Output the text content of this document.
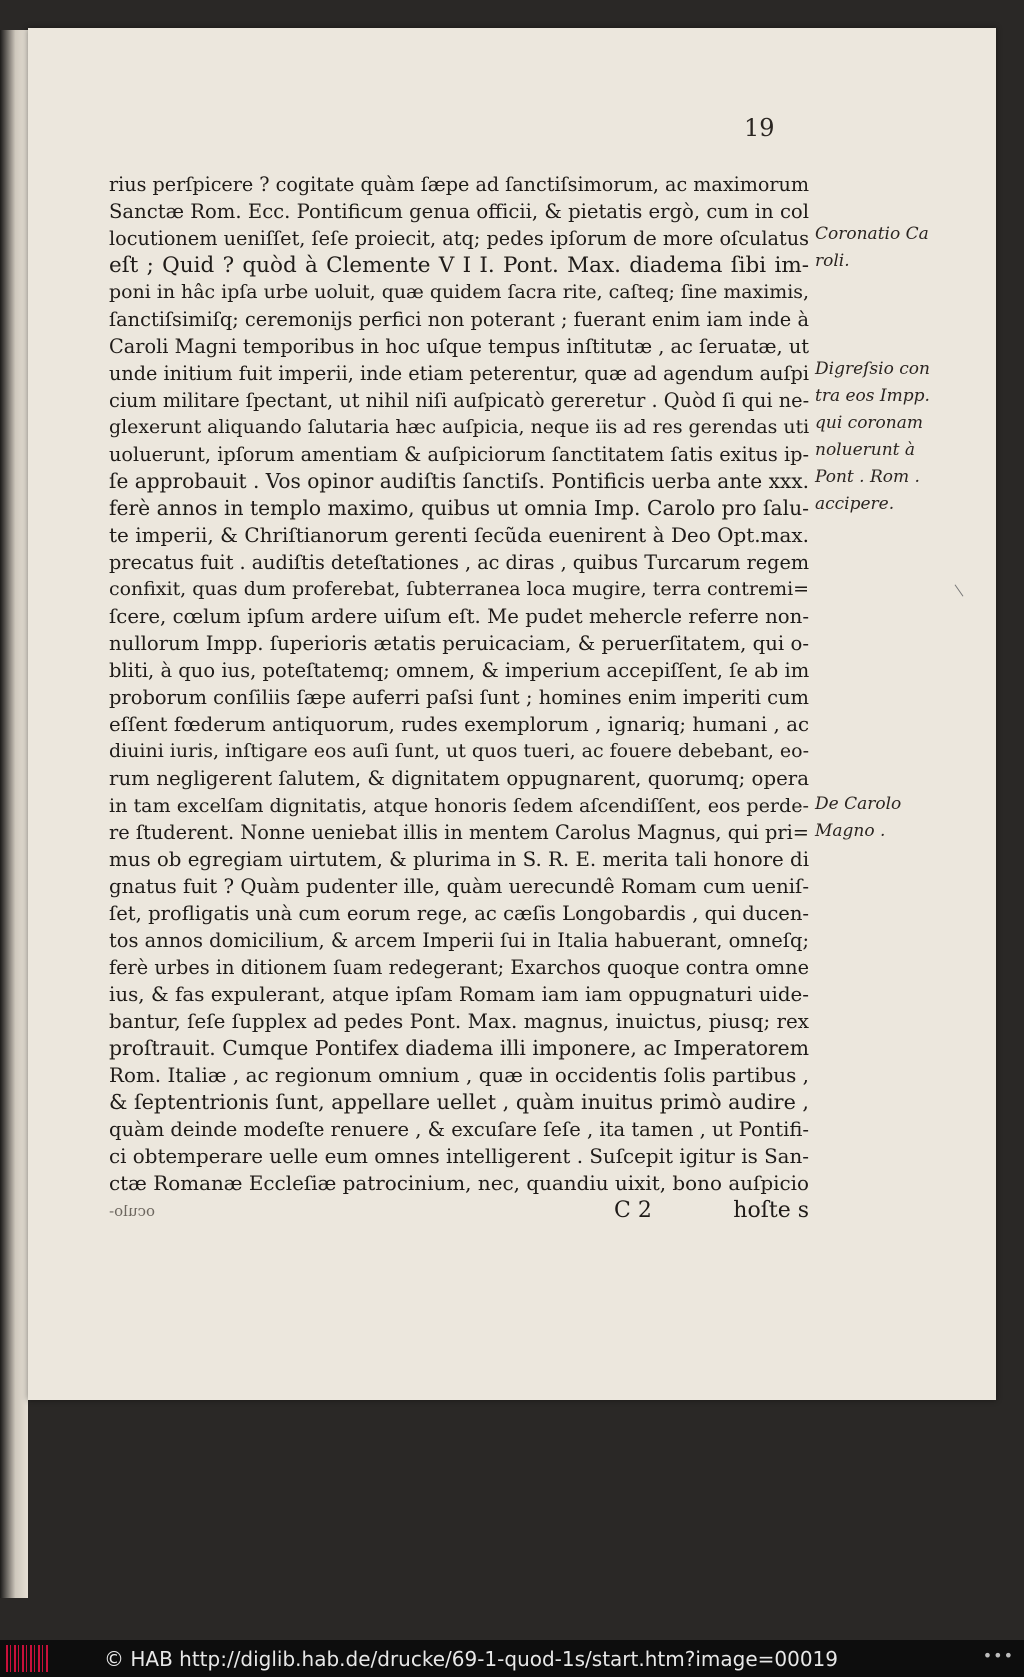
19

rius perſpicere ? cogitate quàm ſæpe ad ſanctiſsimorum, ac maximorum
Sanctæ Rom. Ecc. Pontificum genua officii, & pietatis ergò, cum in col
locutionem ueniſſet, ſeſe proiecit, atq; pedes ipſorum de more oſculatus
eſt ; Quid ? quòd à Clemente V I I. Pont. Max. diadema ſibi im-
poni in hâc ipſa urbe uoluit, quæ quidem ſacra rite, caſteq; ſine maximis,
ſanctiſsimiſq; ceremonijs perfici non poterant ; fuerant enim iam inde à
Caroli Magni temporibus in hoc uſque tempus inſtitutæ , ac ſeruatæ, ut
unde initium fuit imperii, inde etiam peterentur, quæ ad agendum auſpi
cium militare ſpectant, ut nihil niſi auſpicatò gereretur . Quòd ſi qui ne-
glexerunt aliquando ſalutaria hæc auſpicia, neque iis ad res gerendas uti
uoluerunt, ipſorum amentiam & auſpiciorum ſanctitatem ſatis exitus ip-
ſe approbauit . Vos opinor audiſtis ſanctiſs. Pontificis uerba ante xxx.
ferè annos in templo maximo, quibus ut omnia Imp. Carolo pro ſalu-
te imperii, & Chriſtianorum gerenti ſecũda euenirent à Deo Opt.max.
precatus fuit . audiſtis deteſtationes , ac diras , quibus Turcarum regem
confixit, quas dum proferebat, ſubterranea loca mugire, terra contremi=
ſcere, cœlum ipſum ardere uiſum eſt. Me pudet mehercle referre non-
nullorum Impp. ſuperioris ætatis peruicaciam, & peruerſitatem, qui o-
bliti, à quo ius, poteſtatemq; omnem, & imperium accepiſſent, ſe ab im
proborum conſiliis ſæpe auferri paſsi ſunt ; homines enim imperiti cum
eſſent fœderum antiquorum, rudes exemplorum , ignariq; humani , ac
diuini iuris, inſtigare eos auſi ſunt, ut quos tueri, ac fouere debebant, eo-
rum negligerent ſalutem, & dignitatem oppugnarent, quorumq; opera
in tam excelſam dignitatis, atque honoris ſedem aſcendiſſent, eos perde-
re ſtuderent. Nonne ueniebat illis in mentem Carolus Magnus, qui pri=
mus ob egregiam uirtutem, & plurima in S. R. E. merita tali honore di
gnatus fuit ? Quàm pudenter ille, quàm uerecundê Romam cum ueniſ-
ſet, profligatis unà cum eorum rege, ac cæſis Longobardis , qui ducen-
tos annos domicilium, & arcem Imperii ſui in Italia habuerant, omneſq;
ferè urbes in ditionem ſuam redegerant; Exarchos quoque contra omne
ius, & fas expulerant, atque ipſam Romam iam iam oppugnaturi uide-
bantur, ſeſe ſupplex ad pedes Pont. Max. magnus, inuictus, piusq; rex
proſtrauit. Cumque Pontifex diadema illi imponere, ac Imperatorem
Rom. Italiæ , ac regionum omnium , quæ in occidentis ſolis partibus ,
& ſeptentrionis ſunt, appellare uellet , quàm inuitus primò audire ,
quàm deinde modeſte renuere , & excuſare ſeſe , ita tamen , ut Pontifi-
ci obtemperare uelle eum omnes intelligerent . Suſcepit igitur is San-
ctæ Romanæ Eccleſiæ patrocinium, nec, quandiu uixit, bono auſpicio
Coronatio Ca
roli.
Digreſsio con
tra eos Impp.
qui coronam
noluerunt à
Pont . Rom .
accipere.
De Carolo
Magno .
oculo-	C 2	hoſte s
© HAB http://diglib.hab.de/drucke/69-1-quod-1s/start.htm?image=00019	•••
